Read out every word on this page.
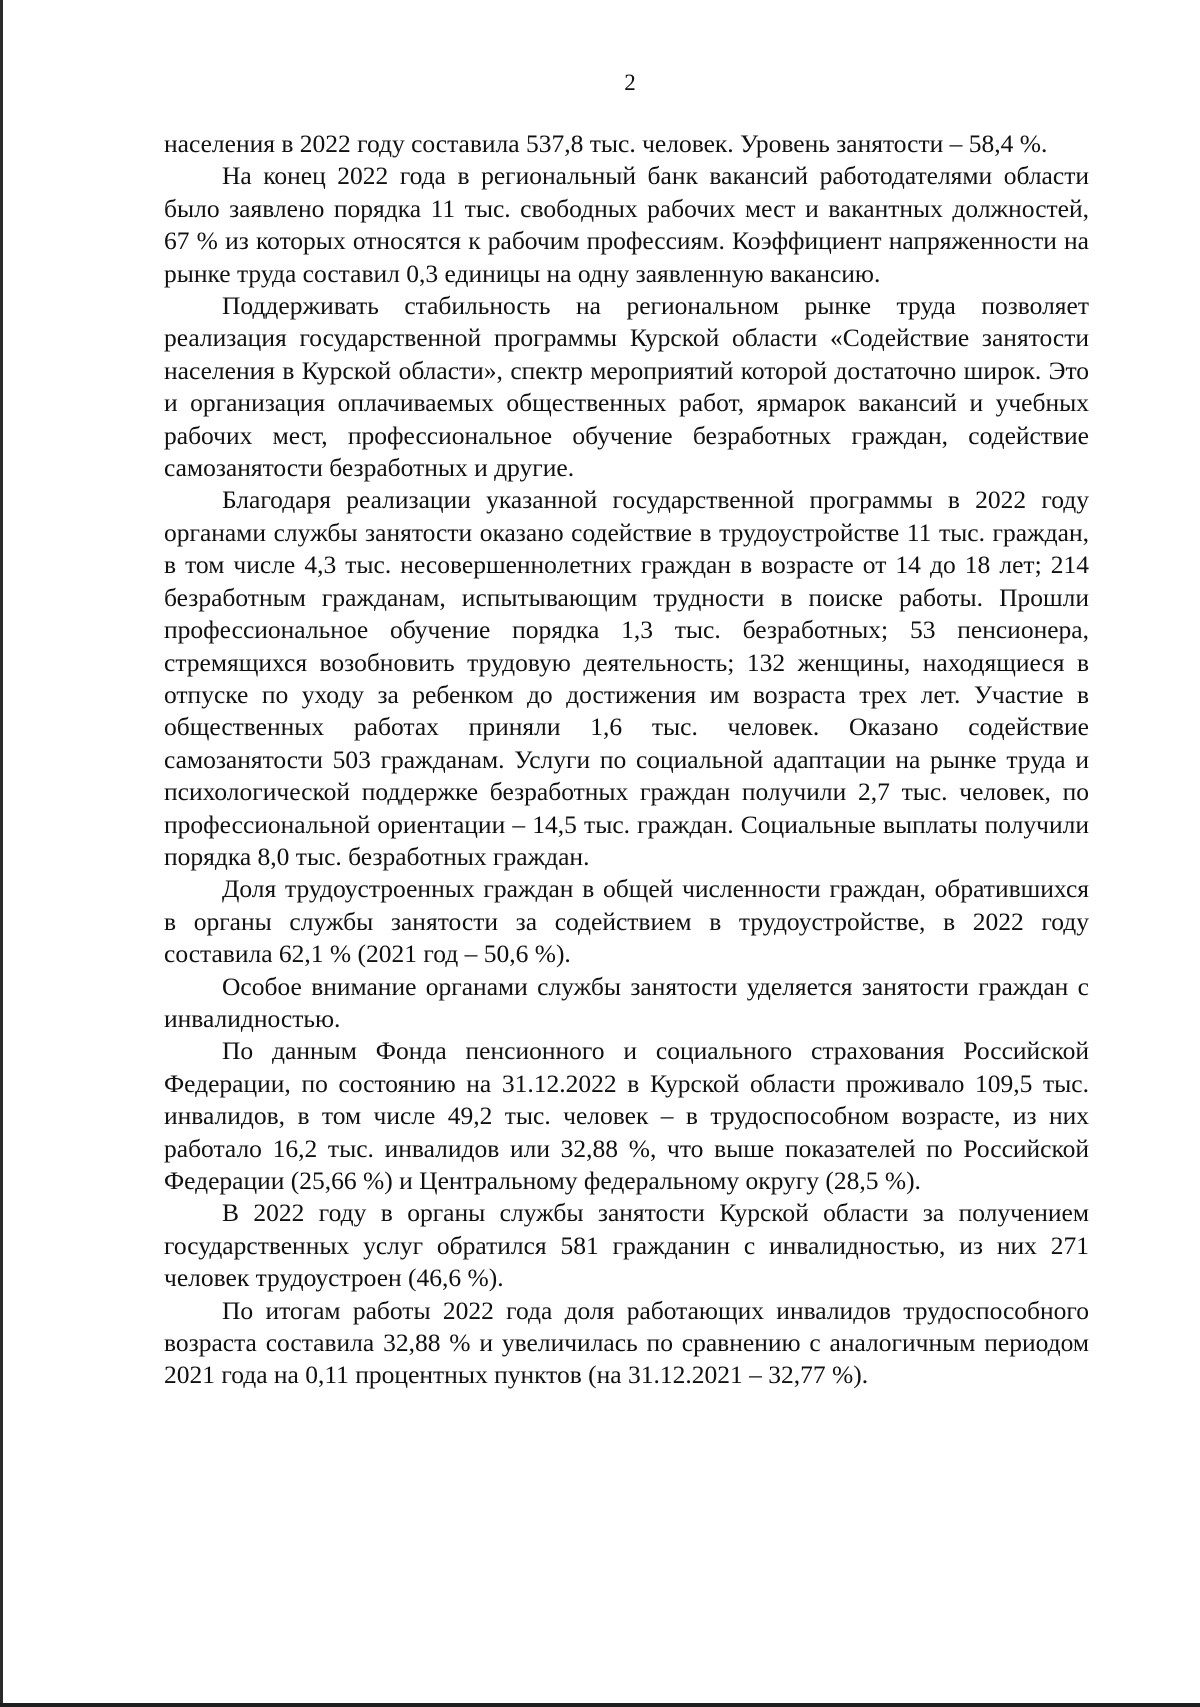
2

населения в 2022 году составила 537,8 тыс. человек. Уровень занятости – 58,4 %.

На конец 2022 года в региональный банк вакансий работодателями области было заявлено порядка 11 тыс. свободных рабочих мест и вакантных должностей, 67 % из которых относятся к рабочим профессиям. Коэффициент напряженности на рынке труда составил 0,3 единицы на одну заявленную вакансию.

Поддерживать стабильность на региональном рынке труда позволяет реализация государственной программы Курской области «Содействие занятости населения в Курской области», спектр мероприятий которой достаточно широк. Это и организация оплачиваемых общественных работ, ярмарок вакансий и учебных рабочих мест, профессиональное обучение безработных граждан, содействие самозанятости безработных и другие.

Благодаря реализации указанной государственной программы в 2022 году органами службы занятости оказано содействие в трудоустройстве 11 тыс. граждан, в том числе 4,3 тыс. несовершеннолетних граждан в возрасте от 14 до 18 лет; 214 безработным гражданам, испытывающим трудности в поиске работы. Прошли профессиональное обучение порядка 1,3 тыс. безработных; 53 пенсионера, стремящихся возобновить трудовую деятельность; 132 женщины, находящиеся в отпуске по уходу за ребенком до достижения им возраста трех лет. Участие в общественных работах приняли 1,6 тыс. человек. Оказано содействие самозанятости 503 гражданам. Услуги по социальной адаптации на рынке труда и психологической поддержке безработных граждан получили 2,7 тыс. человек, по профессиональной ориентации – 14,5 тыс. граждан. Социальные выплаты получили порядка 8,0 тыс. безработных граждан.

Доля трудоустроенных граждан в общей численности граждан, обратившихся в органы службы занятости за содействием в трудоустройстве, в 2022 году составила 62,1 % (2021 год – 50,6 %).

Особое внимание органами службы занятости уделяется занятости граждан с инвалидностью.

По данным Фонда пенсионного и социального страхования Российской Федерации, по состоянию на 31.12.2022 в Курской области проживало 109,5 тыс. инвалидов, в том числе 49,2 тыс. человек – в трудоспособном возрасте, из них работало 16,2 тыс. инвалидов или 32,88 %, что выше показателей по Российской Федерации (25,66 %) и Центральному федеральному округу (28,5 %).

В 2022 году в органы службы занятости Курской области за получением государственных услуг обратился 581 гражданин с инвалидностью, из них 271 человек трудоустроен (46,6 %).

По итогам работы 2022 года доля работающих инвалидов трудоспособного возраста составила 32,88 % и увеличилась по сравнению с аналогичным периодом 2021 года на 0,11 процентных пунктов (на 31.12.2021 – 32,77 %).
